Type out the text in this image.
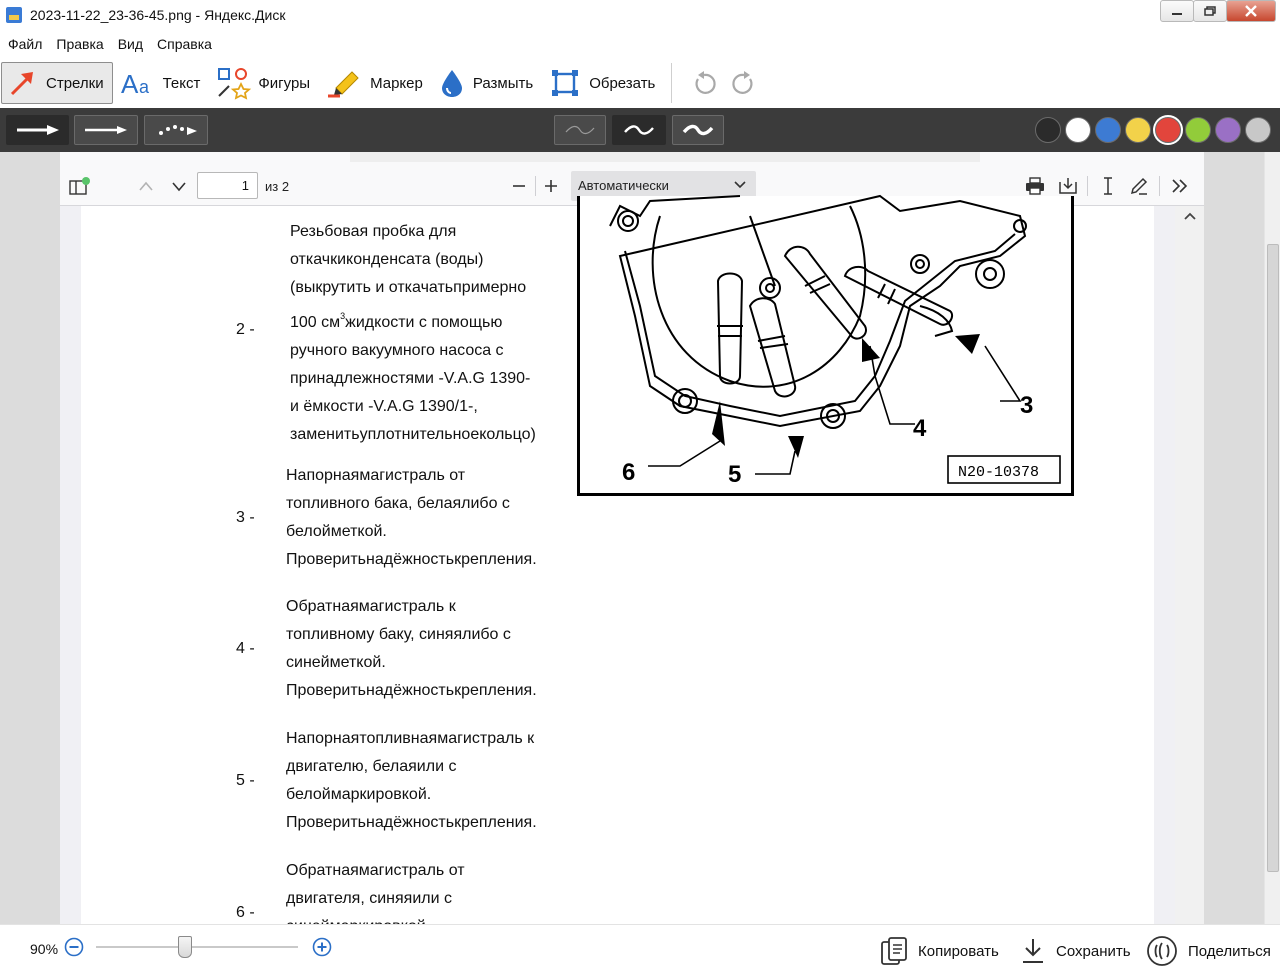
2023-11-22_23-36-45.png - Яндекс.Диск
Файл Правка Вид Справка
Стрелки A a Текст	Фигуры	Маркер	Размыть	Обрезать
1	из 2	Автоматически
2 -
Резьбовая пробка для
откачкиконденсата (воды)
(выкрутить и откачатьпримерно
100 $см^3жидкости$ с помощью
ручного вакуумного насоса с
принадлежностями -V.A.G 1390-
и ёмкости -V.A.G 1390/1-,
заменитьуплотнительноекольцо)
3 -
Напорнаямагистраль от
топливного бака, белаялибо с
белойметкой.
Проверитьнадёжностькрепления.
4 -
Обратнаямагистраль к
топливному баку, синяялибо с
синейметкой.
Проверитьнадёжностькрепления.
5 -
Напорнаятопливнаямагистраль к
двигателю, белаяили с
белоймаркировкой.
Проверитьнадёжностькрепления.
6 -
Обратнаямагистраль от
двигателя, синяяили с
3
4
5
6	N20-10378
90%	Копировать	Сохранить	Поделиться
